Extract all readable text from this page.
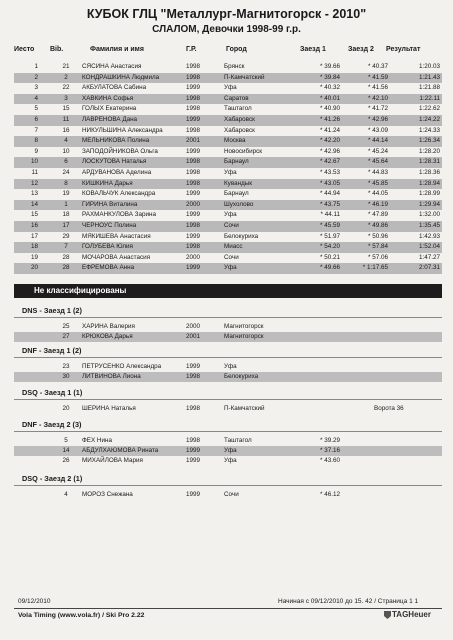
КУБОК ГЛЦ "Металлург-Магнитогорск - 2010"
СЛАЛОМ, Девочки 1998-99 г.р.
Иесто Bib.	Фамилия и имя	Г.Р.	Город	Заезд 1	Заезд 2 Результат
1	21	СЯСИНА Анастасия	1998	Брянск	* 39.66	* 40.37	1:20.03
2	2	КОНДРАШКИНА Людмила	1998	П-Камчатский	* 39.84	* 41.59	1:21.43
3	22	АКБУЛАТОВА Сабина	1999	Уфа	* 40.32	* 41.56	1:21.88
4	3	ХАВКИНА Софья	1998	Саратов	* 40.01	* 42.10	1:22.11
5	15	ГОЛЫХ Екатерина	1998	Таштагол	* 40.90	* 41.72	1:22.62
6	11	ЛАВРЕНОВА Дана	1999	Хабаровск	* 41.26	* 42.96	1:24.22
7	16	НИКУЛЬШИНА Александра	1998	Хабаровск	* 41.24	* 43.09	1:24.33
8	4	МЕЛЬНИКОВА Полина	2001	Москва	* 42.20	* 44.14	1:26.34
9	10	ЗАПОДОЙНИКОВА Ольга	1999	Новосибирск	* 42.96	* 45.24	1:28.20
10	6	ЛОСКУТОВА Наталья	1998	Барнаул	* 42.67	* 45.64	1:28.31
11	24	АРДУВАНОВА Аделина	1998	Уфа	* 43.53	* 44.83	1:28.36
12	8	КИШКИНА Дарья	1998	Кувандык	* 43.05	* 45.85	1:28.94
13	19	КОВАЛЬЧУК Александра	1999	Барнаул	* 44.94	* 44.05	1:28.99
14	1	ГИРИНА Виталина	2000	Шухолово	* 43.75	* 46.19	1:29.94
15	18	РАХМАНКУЛОВА Зарина	1999	Уфа	* 44.11	* 47.89	1:32.00
16	17	ЧЕРНОУС Полина	1998	Сочи	* 45.59	* 49.86	1:35.45
17	29	МЯКИШЕВА Анастасия	1999	Белокуриха	* 51.97	* 50.96	1:42.93
18	7	ГОЛУБЕВА Юлия	1998	Миасс	* 54.20	* 57.84	1:52.04
19	28	МОЧАРОВА Анастасия	2000	Сочи	* 50.21	* 57.06	1:47.27
20	28	ЕФРЕМОВА Анна	1999	Уфа	* 49.66	* 1:17.65	2:07.31
Не классифицированы
DNS - Заезд 1 (2)
25	ХАРИНА Валерия	2000	Магнитогорск
27	КРЮКОВА Дарья	2001	Магнитогорск
DNF - Заезд 1 (2)
23	ПЕТРУСЕНКО Александра	1999	Уфа
30	ЛИТВИНОВА Лиона	1998	Белокуриха
DSQ - Заезд 1 (1)
20	ШЕРИНА Наталья	1998	П-Камчатский	Ворота 36
DNF - Заезд 2 (3)
5	ФЕХ Нина	1998	Таштагол	* 39.29
14	АБДУЛХАЮМОВА Рината	1999	Уфа	* 37.16
26	МИХАЙЛОВА Мария	1999	Уфа	* 43.60
DSQ - Заезд 2 (1)
4	МОРОЗ Снежана	1999	Сочи	* 46.12
09/12/2010	Начиная с 09/12/2010 до 15. 42 / Страница 1 1
Vola Timing (www.vola.fr) / Ski Pro 2.22	TAGHeuer
